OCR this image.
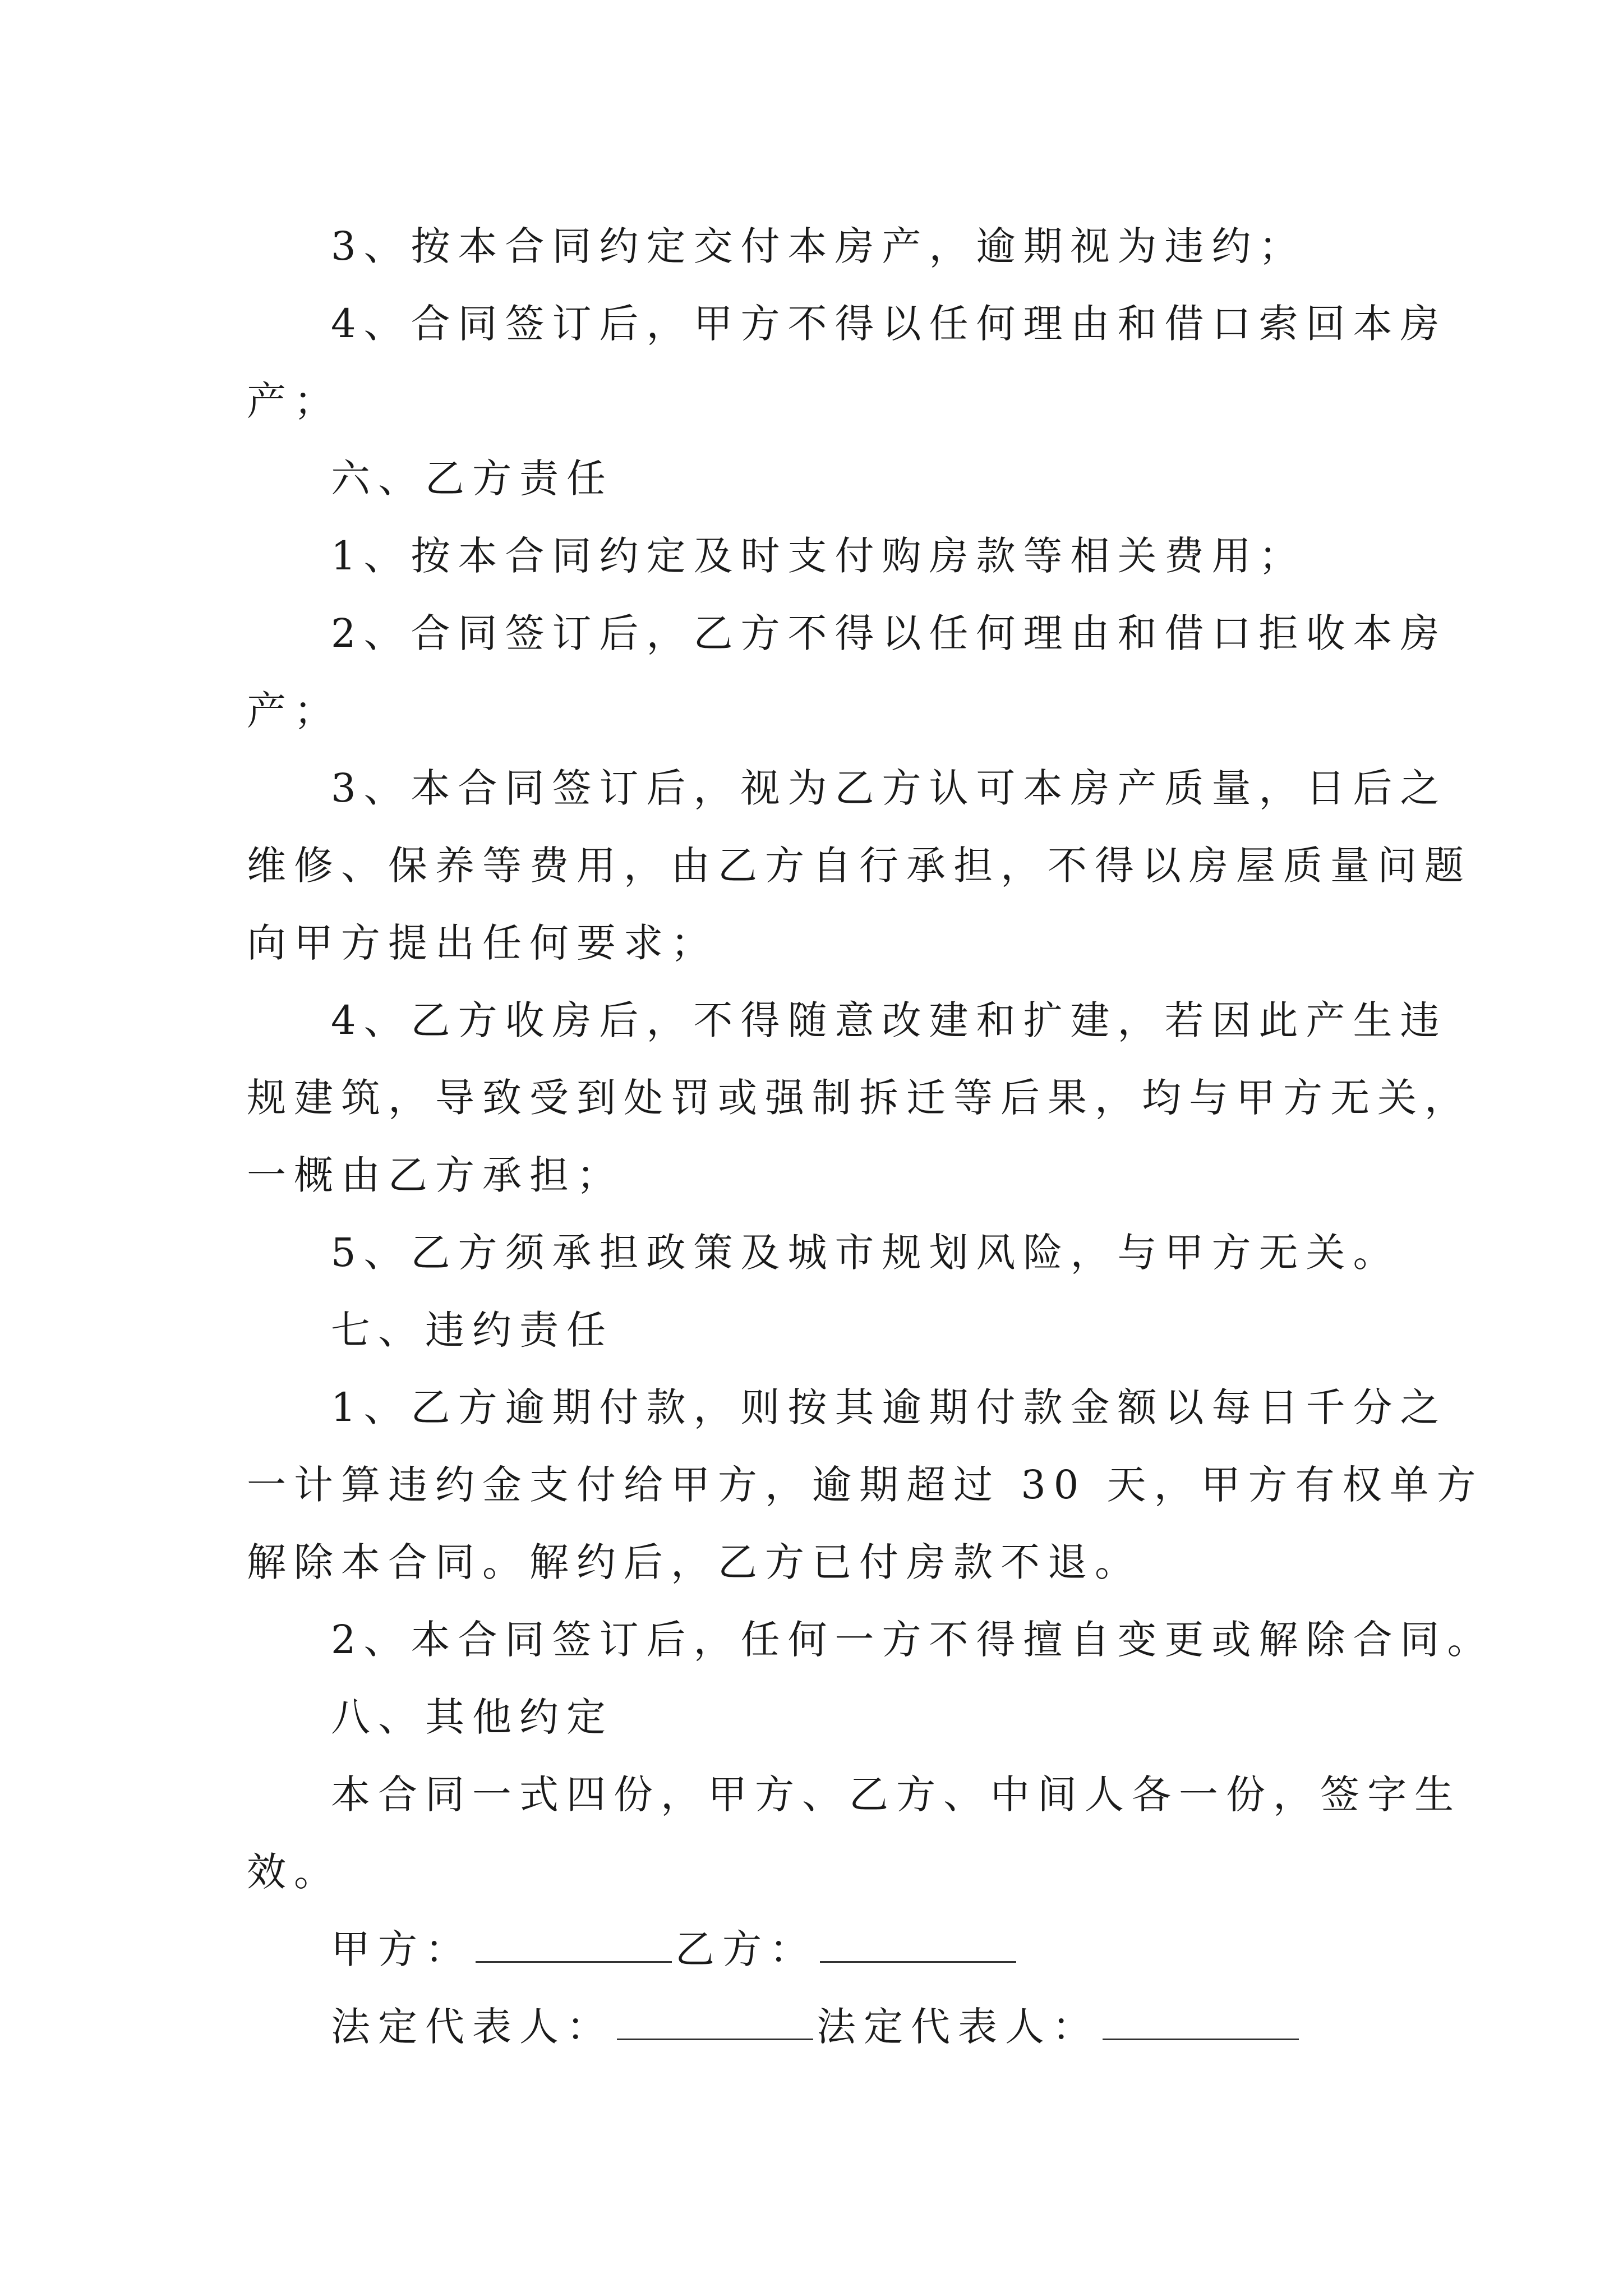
3、按本合同约定交付本房产，逾期视为违约；
4、合同签订后，甲方不得以任何理由和借口索回本房
产；
六、乙方责任
1、按本合同约定及时支付购房款等相关费用；
2、合同签订后，乙方不得以任何理由和借口拒收本房
产；
3、本合同签订后，视为乙方认可本房产质量，日后之
维修、保养等费用，由乙方自行承担，不得以房屋质量问题
向甲方提出任何要求；
4、乙方收房后，不得随意改建和扩建，若因此产生违
规建筑，导致受到处罚或强制拆迁等后果，均与甲方无关，
一概由乙方承担；
5、乙方须承担政策及城市规划风险，与甲方无关。
七、违约责任
1、乙方逾期付款，则按其逾期付款金额以每日千分之
一计算违约金支付给甲方，逾期超过 30 天，甲方有权单方
解除本合同。解约后，乙方已付房款不退。
2、本合同签订后，任何一方不得擅自变更或解除合同。
八、其他约定
本合同一式四份，甲方、乙方、中间人各一份，签字生
效。
甲方：	乙方：
法定代表人：	法定代表人：
